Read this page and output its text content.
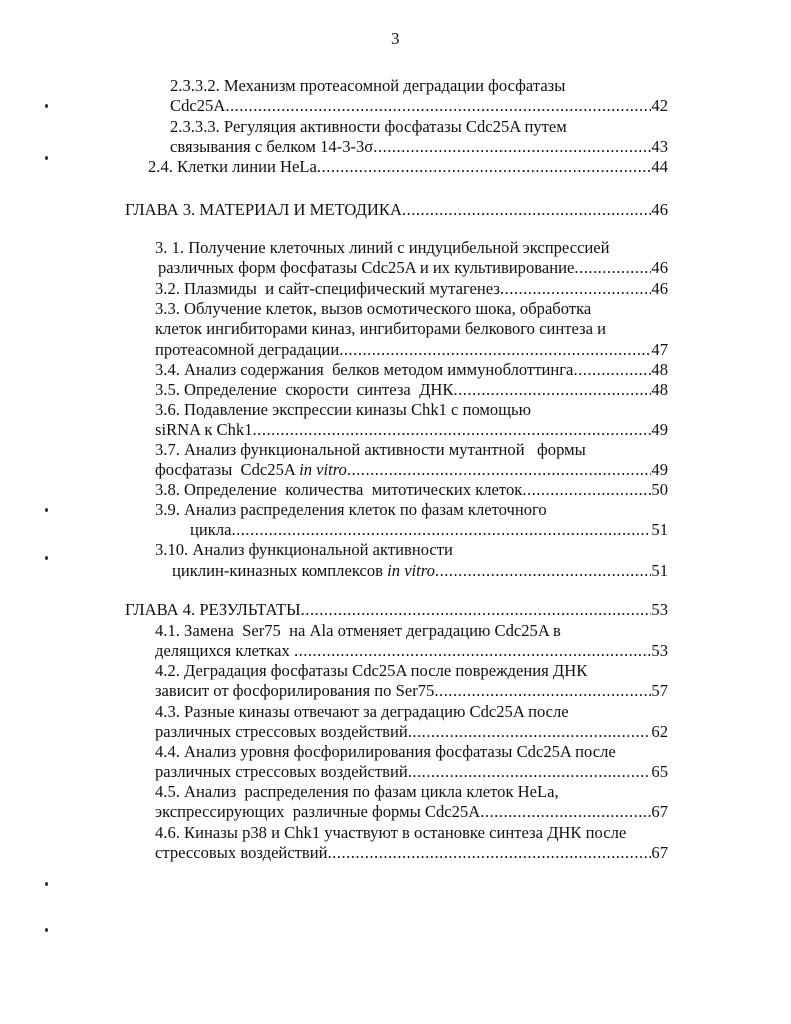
3
2.3.3.2. Механизм протеасомной деградации фосфатазы
Cdc25A .....	42
2.3.3.3. Регуляция активности фосфатазы Cdc25A путем
связывания с белком 14-3-3σ .....	43
2.4. Клетки линии HeLa .....	44
ГЛАВА 3. МАТЕРИАЛ И МЕТОДИКА .....	46
3. 1. Получение клеточных линий с индуцибельной экспрессией
различных форм фосфатазы Cdc25A и их культивирование .....	46
3.2. Плазмиды  и сайт-специфический мутагенез .....	46
3.3. Облучение клеток, вызов осмотического шока, обработка
клеток ингибиторами киназ, ингибиторами белкового синтеза и
протеасомной деградации .....	47
3.4. Анализ содержания  белков методом иммуноблоттинга .....	48
3.5. Определение  скорости  синтеза  ДНК .....	48
3.6. Подавление экспрессии киназы Chk1 с помощью
siRNA к Chk1 .....	49
3.7. Анализ функциональной активности мутантной   формы
фосфатазы  Cdc25A in vitro .....	49
3.8. Определение  количества  митотических клеток .....	50
3.9. Анализ распределения клеток по фазам клеточного
цикла .....	51
3.10. Анализ функциональной активности
циклин-киназных комплексов in vitro .....	51
ГЛАВА 4. РЕЗУЛЬТАТЫ .....	53
4.1. Замена  Ser75  на Ala отменяет деградацию Cdc25A в
делящихся клетках .....	53
4.2. Деградация фосфатазы Cdc25A после повреждения ДНК
зависит от фосфорилирования по Ser75 .....	57
4.3. Разные киназы отвечают за деградацию Cdc25A после
различных стрессовых воздействий .....	62
4.4. Анализ уровня фосфорилирования фосфатазы Cdc25A после
различных стрессовых воздействий .....	65
4.5. Анализ  распределения по фазам цикла клеток HeLa,
экспрессирующих  различные формы Cdc25A .....	67
4.6. Киназы p38 и Chk1 участвуют в остановке синтеза ДНК после
стрессовых воздействий .....	67
